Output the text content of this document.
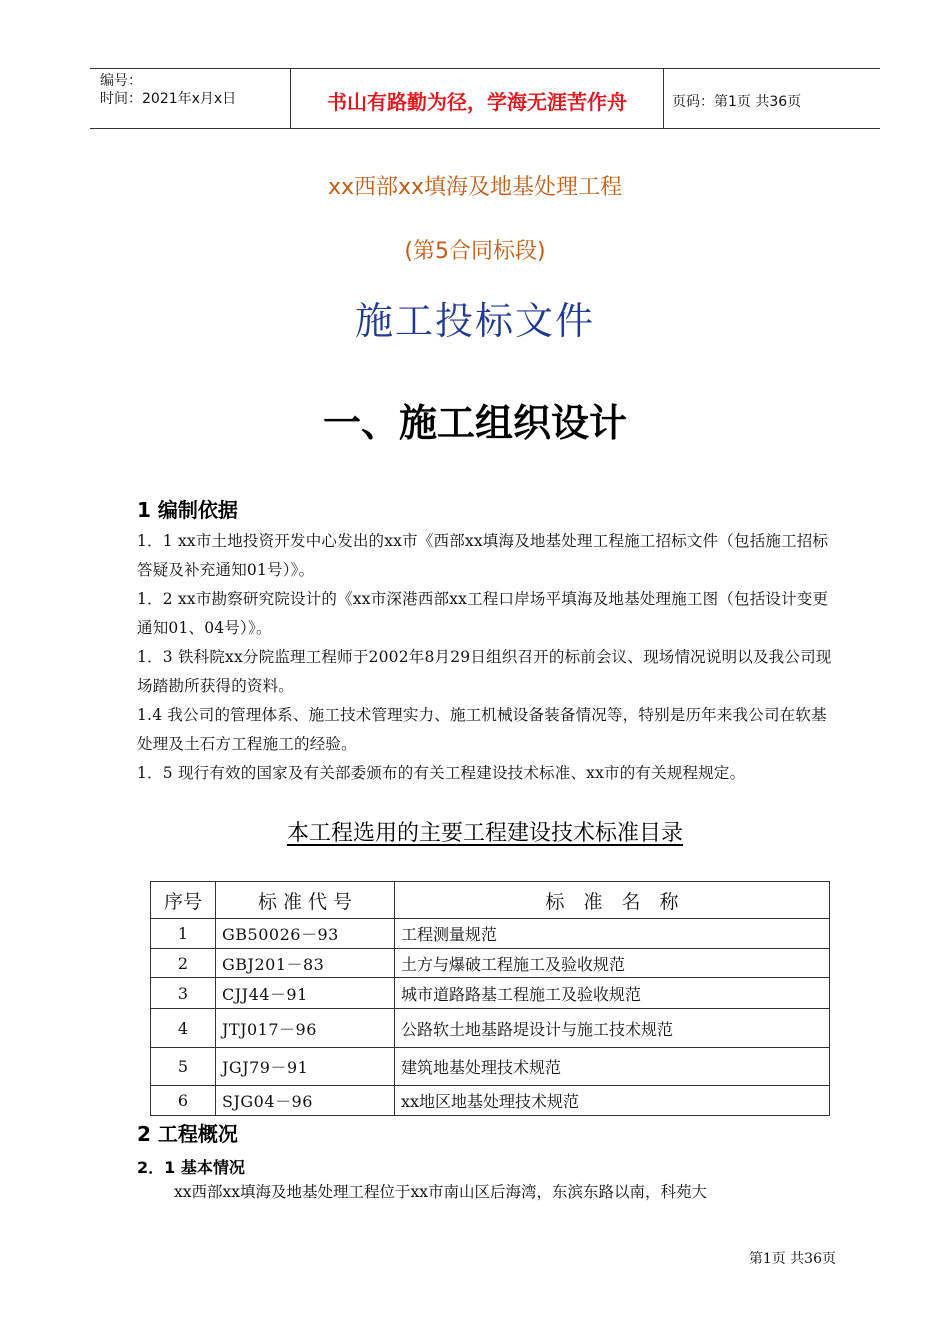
编号：
时间：2021年x月x日	书山有路勤为径，学海无涯苦作舟	页码：第1页 共36页
xx西部xx填海及地基处理工程
(第5合同标段)
施工投标文件
一、施工组织设计
1 编制依据
1．1 xx市土地投资开发中心发出的xx市《西部xx填海及地基处理工程施工招标文件（包括施工招标答疑及补充通知01号）》。
1．2 xx市勘察研究院设计的《xx市深港西部xx工程口岸场平填海及地基处理施工图（包括设计变更通知01、04号）》。
1．3 铁科院xx分院监理工程师于2002年8月29日组织召开的标前会议、现场情况说明以及我公司现场踏勘所获得的资料。
1.4 我公司的管理体系、施工技术管理实力、施工机械设备装备情况等，特别是历年来我公司在软基处理及土石方工程施工的经验。
1．5 现行有效的国家及有关部委颁布的有关工程建设技术标准、xx市的有关规程规定。
本工程选用的主要工程建设技术标准目录
序号	标 准 代 号	标　准　名　称
1	GB50026－93	工程测量规范
2	GBJ201－83	土方与爆破工程施工及验收规范
3	CJJ44－91	城市道路路基工程施工及验收规范
4	JTJ017－96	公路软土地基路堤设计与施工技术规范
5	JGJ79－91	建筑地基处理技术规范
6	SJG04－96	xx地区地基处理技术规范
2 工程概况
2．1 基本情况
xx西部xx填海及地基处理工程位于xx市南山区后海湾，东滨东路以南，科苑大
第1页 共36页
